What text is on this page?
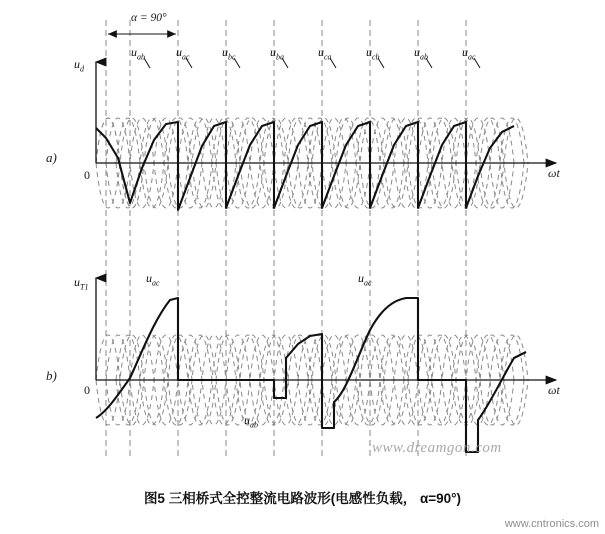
α = 90°
$u_d$
$u_{T1}$
$u_{ab}$	$u_{ac}$	$u_{bc}$	$u_{ba}$	$u_{ca}$	$u_{cb}$	$u_{ab}$	$u_{ac}$
$u_{ac}$	$u_{ac}$
$u_{ab}$
a)
b)
0
0
ωt
ωt
www.dreamgon.com
图5 三相桥式全控整流电路波形(电感性负载， α=90°)
www.cntronics.com
